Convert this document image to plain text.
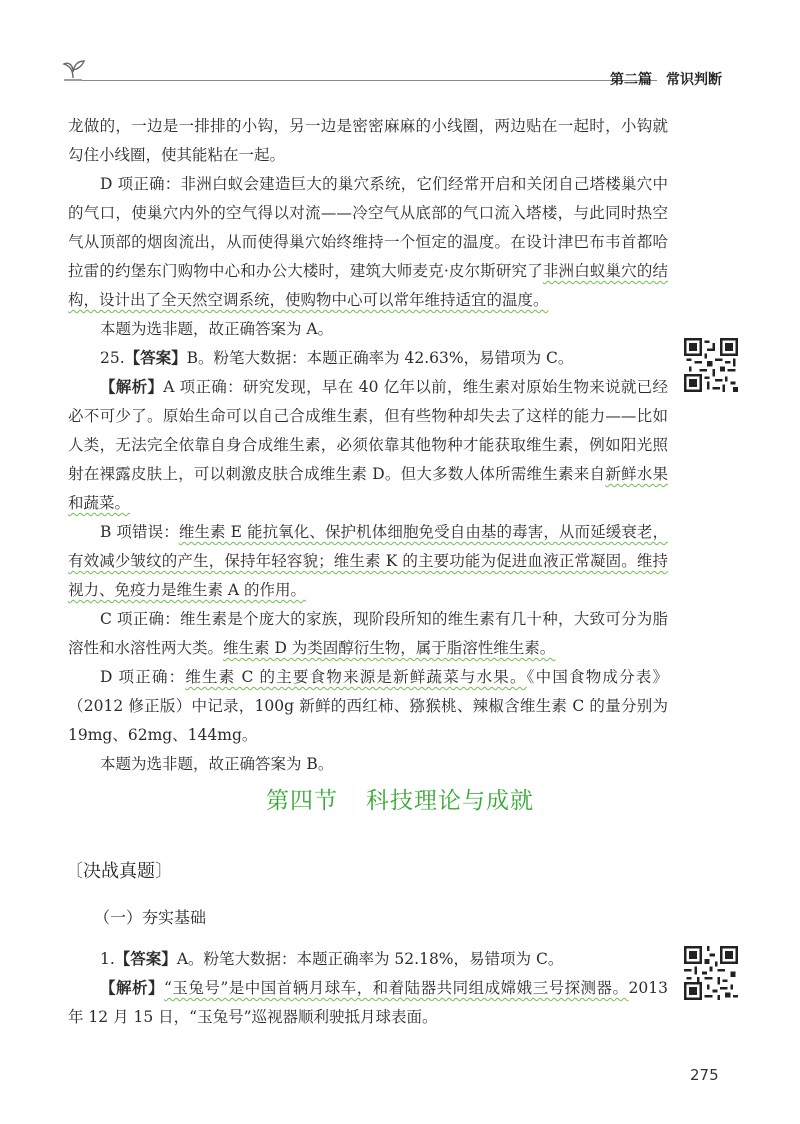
第二篇 常识判断

龙做的，一边是一排排的小钩，另一边是密密麻麻的小线圈，两边贴在一起时，小钩就勾住小线圈，使其能粘在一起。

D 项正确：非洲白蚁会建造巨大的巢穴系统，它们经常开启和关闭自己塔楼巢穴中的气口，使巢穴内外的空气得以对流——冷空气从底部的气口流入塔楼，与此同时热空气从顶部的烟囱流出，从而使得巢穴始终维持一个恒定的温度。在设计津巴布韦首都哈拉雷的约堡东门购物中心和办公大楼时，建筑大师麦克·皮尔斯研究了非洲白蚁巢穴的结构，设计出了全天然空调系统，使购物中心可以常年维持适宜的温度。

本题为选非题，故正确答案为 A。

25.【答案】B。粉笔大数据：本题正确率为 42.63%，易错项为 C。

【解析】A 项正确：研究发现，早在 40 亿年以前，维生素对原始生物来说就已经必不可少了。原始生命可以自己合成维生素，但有些物种却失去了这样的能力——比如人类，无法完全依靠自身合成维生素，必须依靠其他物种才能获取维生素，例如阳光照射在裸露皮肤上，可以刺激皮肤合成维生素 D。但大多数人体所需维生素来自新鲜水果和蔬菜。

B 项错误：维生素 E 能抗氧化、保护机体细胞免受自由基的毒害，从而延缓衰老，有效减少皱纹的产生，保持年轻容貌；维生素 K 的主要功能为促进血液正常凝固。维持视力、免疫力是维生素 A 的作用。

C 项正确：维生素是个庞大的家族，现阶段所知的维生素有几十种，大致可分为脂溶性和水溶性两大类。维生素 D 为类固醇衍生物，属于脂溶性维生素。

D 项正确：维生素 C 的主要食物来源是新鲜蔬菜与水果。《中国食物成分表》（2012 修正版）中记录，100g 新鲜的西红柿、猕猴桃、辣椒含维生素 C 的量分别为 19mg、62mg、144mg。

本题为选非题，故正确答案为 B。

第四节 科技理论与成就
〔决战真题〕
（一）夯实基础

1.【答案】A。粉笔大数据：本题正确率为 52.18%，易错项为 C。

【解析】“玉兔号”是中国首辆月球车，和着陆器共同组成嫦娥三号探测器。2013 年 12 月 15 日，“玉兔号”巡视器顺利驶抵月球表面。

275
